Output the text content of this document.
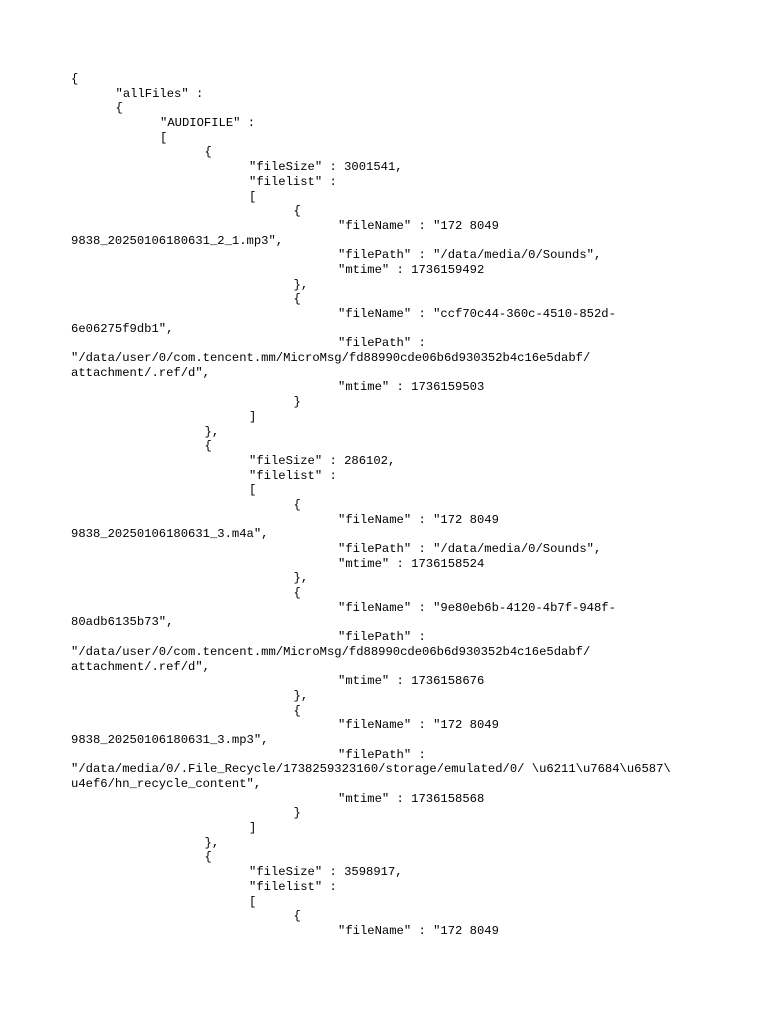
{
"allFiles" :
{
"AUDIOFILE" :
[
{
"fileSize" : 3001541,
"filelist" :
[
{
"fileName" : "172 8049
9838_20250106180631_2_1.mp3",
"filePath" : "/data/media/0/Sounds",
"mtime" : 1736159492
},
{
"fileName" : "ccf70c44-360c-4510-852d-
6e06275f9db1",
"filePath" :
"/data/user/0/com.tencent.mm/MicroMsg/fd88990cde06b6d930352b4c16e5dabf/
attachment/.ref/d",
"mtime" : 1736159503
}
]
},
{
"fileSize" : 286102,
"filelist" :
[
{
"fileName" : "172 8049
9838_20250106180631_3.m4a",
"filePath" : "/data/media/0/Sounds",
"mtime" : 1736158524
},
{
"fileName" : "9e80eb6b-4120-4b7f-948f-
80adb6135b73",
"filePath" :
"/data/user/0/com.tencent.mm/MicroMsg/fd88990cde06b6d930352b4c16e5dabf/
attachment/.ref/d",
"mtime" : 1736158676
},
{
"fileName" : "172 8049
9838_20250106180631_3.mp3",
"filePath" :
"/data/media/0/.File_Recycle/1738259323160/storage/emulated/0/ \u6211\u7684\u6587\
u4ef6/hn_recycle_content",
"mtime" : 1736158568
}
]
},
{
"fileSize" : 3598917,
"filelist" :
[
{
"fileName" : "172 8049
